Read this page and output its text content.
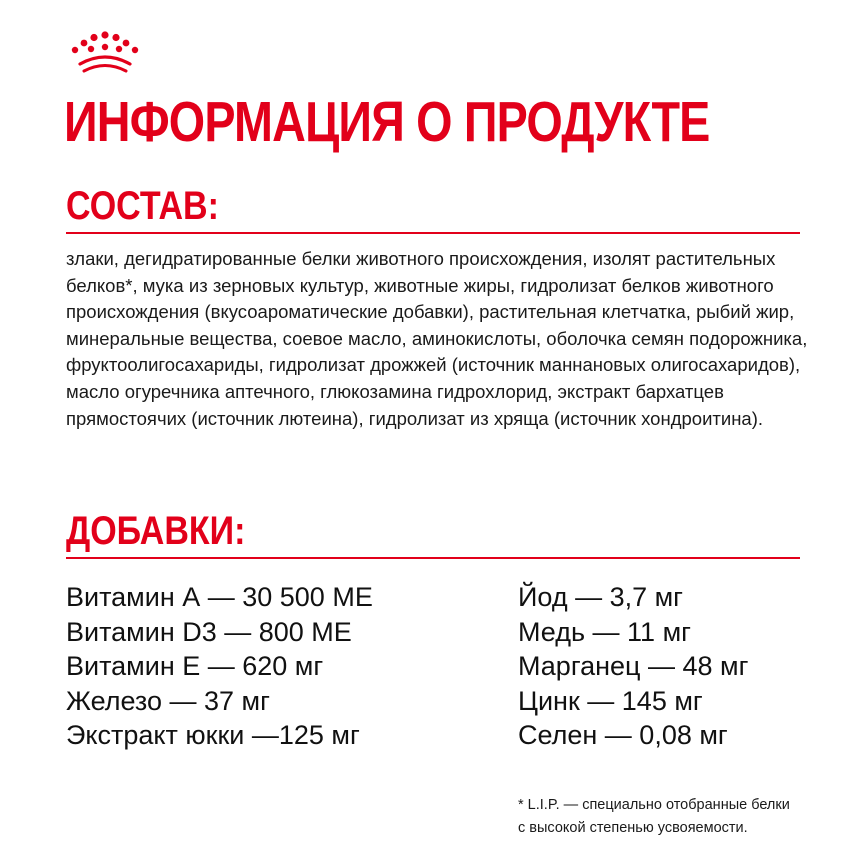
ИНФОРМАЦИЯ О ПРОДУКТЕ
СОСТАВ:
злаки, дегидратированные белки животного происхождения, изолят растительных белков*, мука из зерновых культур, животные жиры, гидролизат белков животного происхождения (вкусоароматические добавки), растительная клетчатка, рыбий жир, минеральные вещества, соевое масло, аминокислоты, оболочка семян подорожника, фруктоолигосахариды, гидролизат дрожжей (источник маннановых олигосахаридов), масло огуречника аптечного, глюкозамина гидрохлорид, экстракт бархатцев прямостоячих (источник лютеина), гидролизат из хряща (источник хондроитина).
ДОБАВКИ:
Витамин А — 30 500 МЕ
Витамин D3 — 800 МЕ
Витамин Е — 620 мг
Железо — 37 мг
Экстракт юкки —125 мг
Йод — 3,7 мг
Медь — 11 мг
Марганец — 48 мг
Цинк — 145 мг
Селен — 0,08 мг
* L.I.P. — специально отобранные белки
с высокой степенью усвояемости.
